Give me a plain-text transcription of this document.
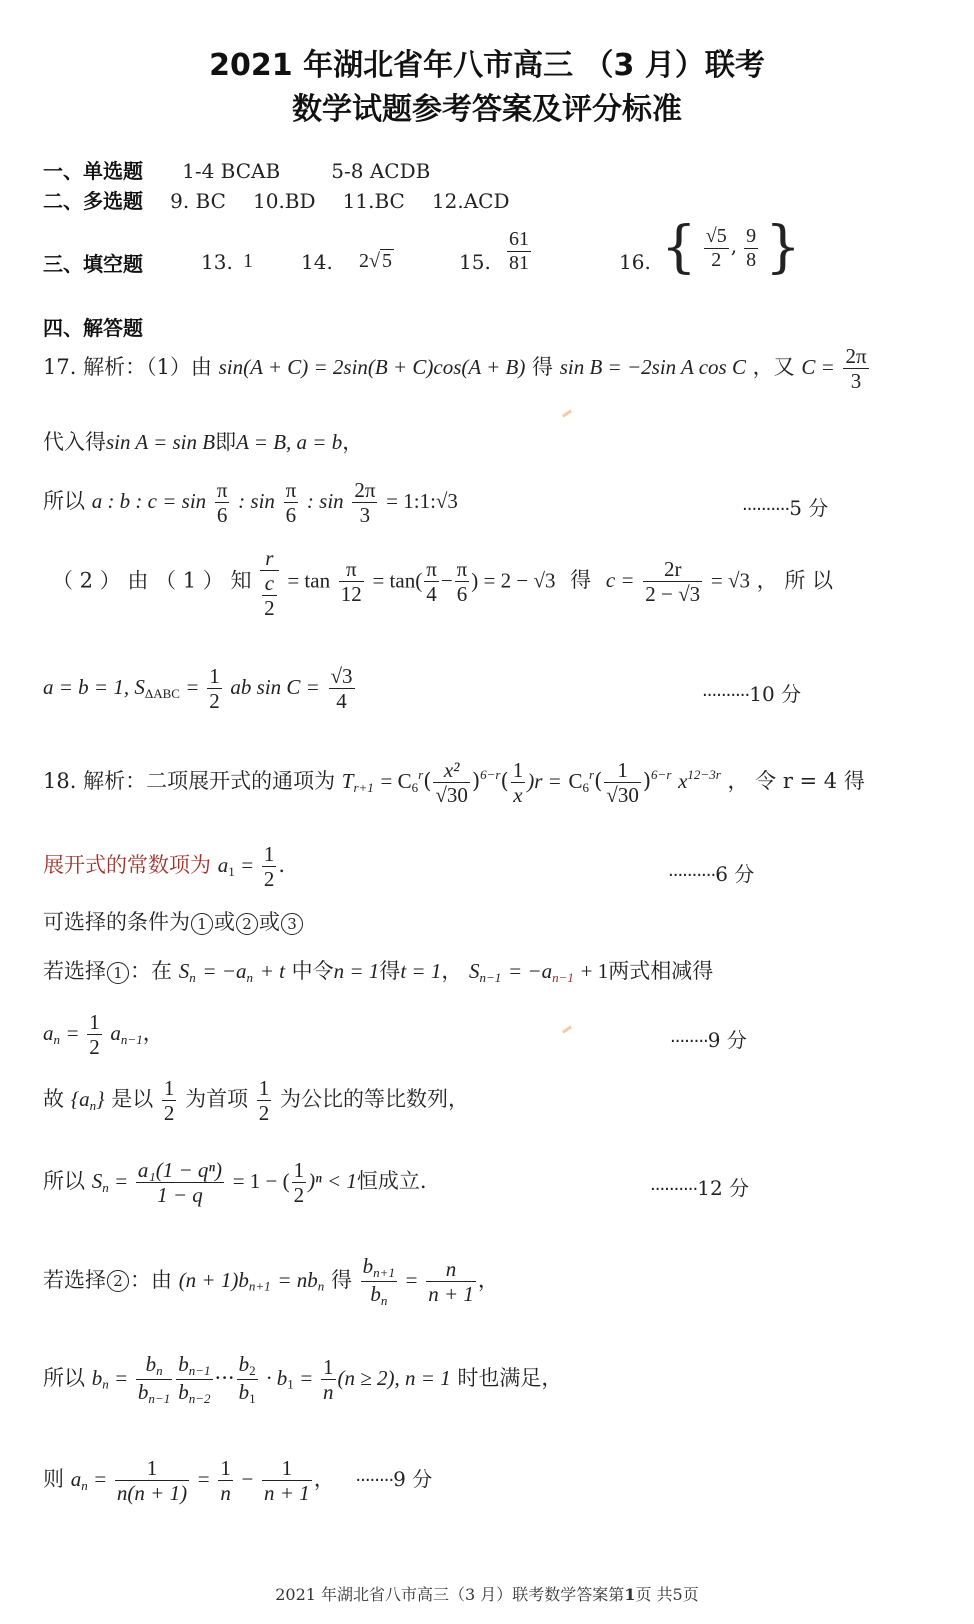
2021 年湖北省年八市高三 （3 月）联考
数学试题参考答案及评分标准
一、单选题 1-4 BCAB	5-8 ACDB
二、多选题 9. BC 10.BD 11.BC 12.ACD
三、填空题	13. 1 14. 2√ 5	15. $\frac{61}{81}$	16. { $\frac{√5}{2}$ , $\frac{9}{8}$ }
四、解答题
17. 解析：（1）由 sin(A + C) = 2sin(B + C)cos(A + B) 得 sin B = −2sin A cos C ，又 $C = \frac{2\pi}{3}$
代入得sin A = sin B即A = B, a = b，
所以 a : b : $c = \sin \frac{\pi}{6}$ : $\sin \frac{\pi}{6}$ : $\sin \frac{2\pi}{3}$ = 1:1:√3	··········5 分
（ 2 ） 由 （ 1 ） 知 r
c
$2 = \tan \frac{\pi}{12} = \tan( \frac{\pi}{4} - \frac{\pi}{6}$ ) = 2 − √3 得 $c = \frac{2r}{2 - √3} = √3$ ， 所 以
a = b = 1, $S_{\Delta ABC} = \frac{1}{2}$ ab $\sin C = \frac{√3}{4}$	··········10 分
18. 解析：二项展开式的通项为 $T_{r+1} = C_6^r( \frac{\text{x²}}{√30} )^{6-r}( \frac{1}{x} )r = C_6^r( \frac{1}{√30} )^{6-r}$ $x^{12-3r}$ ， 令 r = 4 得
展开式的常数项为 $a_1 = \frac{1}{2}$ .	··········6 分
可选择的条件为 1 或 2 或 3
若选择 1 ：在 $S_n = -a_n + t$ 中令n = 1得t = 1， $S_{n-1} = -a_{n-1} + 1$两式相减得
$a_n = \frac{1}{2} a_{n-1}$，	········9 分
故 $\{a_n\}$ 是以 $\frac{1}{2}$ 为首项 $\frac{1}{2}$ 为公比的等比数列，
所以 $S_n = \frac{\text{a₁(1 − qⁿ)}}{1 - q} = 1$ − ( $\frac{1}{2} )^n < 1$恒成立.	··········12 分
若选择 2 ：由 $(n + 1)b_{n+1} = nb_n$ 得 $\frac{b_{n+1}}{b_n} = \frac{n}{n + 1}$ ，
所以 $b_n = \frac{b_n}{b_{n-1}} \frac{b_{n-1}}{b_{n-2}}$ ··· $\frac{b_2}{b_1} \cdot b_1 = \frac{1}{n} (n \ge 2)$, n = 1 时也满足，
则 $a_n = \frac{1}{n(n + 1)} = \frac{1}{n} - \frac{1}{n + 1}$ ， ········9 分
2021 年湖北省八市高三（3 月）联考数学答案第1页 共5页
